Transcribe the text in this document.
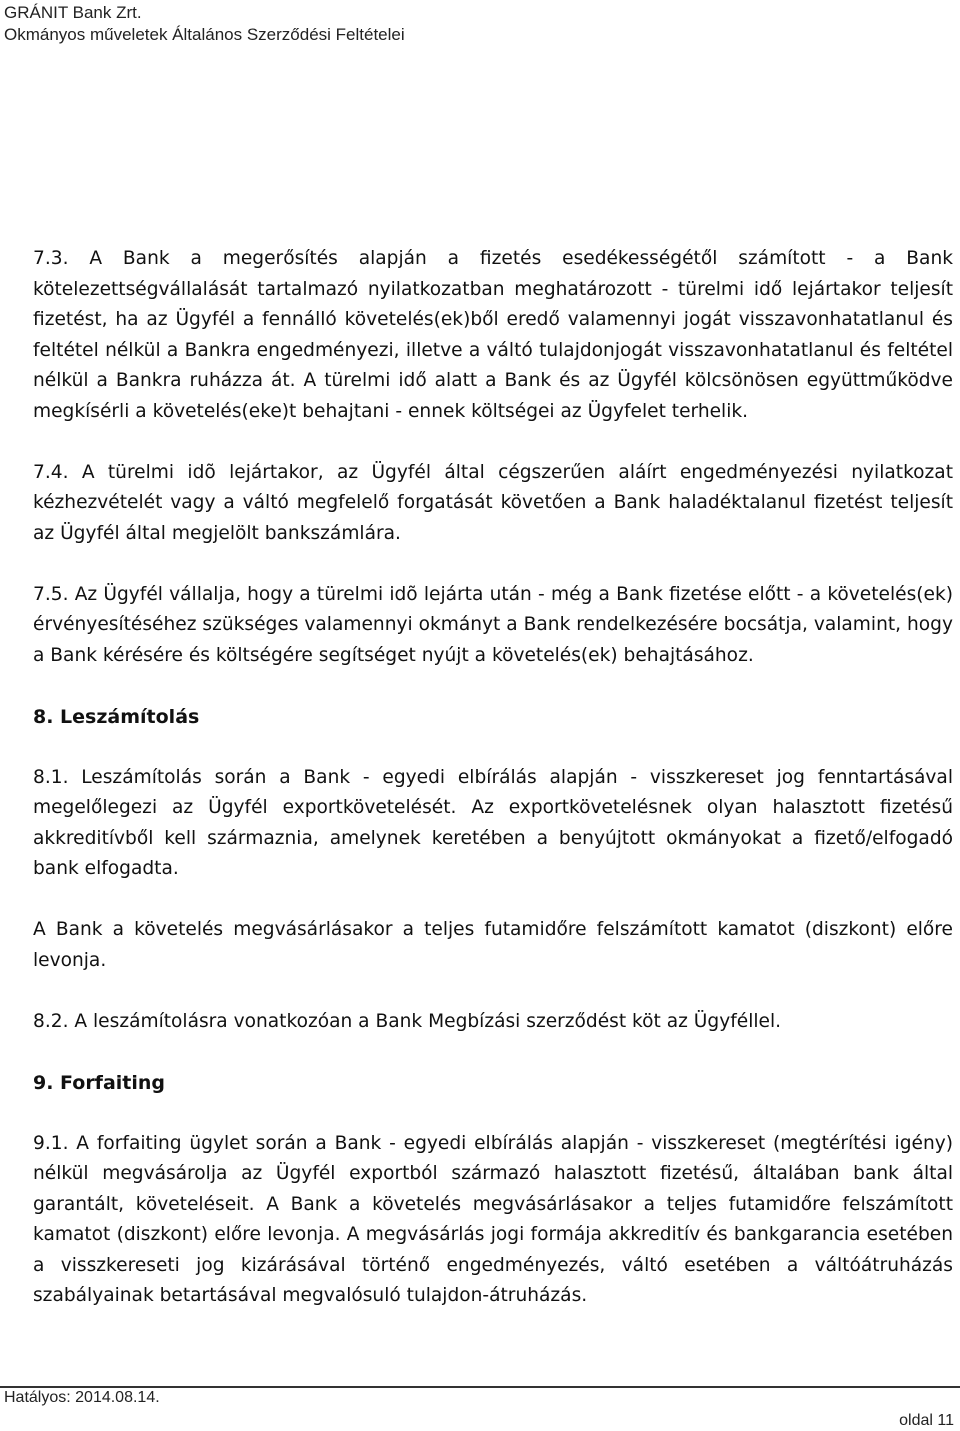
GRÁNIT Bank Zrt.
Okmányos műveletek Általános Szerződési Feltételei

7.3. A Bank a megerősítés alapján a fizetés esedékességétől számított - a Bank kötelezettségvállalását tartalmazó nyilatkozatban meghatározott - türelmi idő lejártakor teljesít fizetést, ha az Ügyfél a fennálló követelés(ek)ből eredő valamennyi jogát visszavonhatatlanul és feltétel nélkül a Bankra engedményezi, illetve a váltó tulajdonjogát visszavonhatatlanul és feltétel nélkül a Bankra ruházza át. A türelmi idő alatt a Bank és az Ügyfél kölcsönösen együttműködve megkísérli a követelés(eke)t behajtani - ennek költségei az Ügyfelet terhelik.

7.4. A türelmi idõ lejártakor, az Ügyfél által cégszerűen aláírt engedményezési nyilatkozat kézhezvételét vagy a váltó megfelelő forgatását követően a Bank haladéktalanul fizetést teljesít az Ügyfél által megjelölt bankszámlára.

7.5. Az Ügyfél vállalja, hogy a türelmi idõ lejárta után - még a Bank fizetése előtt - a követelés(ek) érvényesítéséhez szükséges valamennyi okmányt a Bank rendelkezésére bocsátja, valamint, hogy a Bank kérésére és költségére segítséget nyújt a követelés(ek) behajtásához.

8. Leszámítolás

8.1. Leszámítolás során a Bank - egyedi elbírálás alapján - visszkereset jog fenntartásával megelőlegezi az Ügyfél exportkövetelését. Az exportkövetelésnek olyan halasztott fizetésű akkreditívből kell származnia, amelynek keretében a benyújtott okmányokat a fizető/elfogadó bank elfogadta.

A Bank a követelés megvásárlásakor a teljes futamidőre felszámított kamatot (diszkont) előre levonja.

8.2. A leszámítolásra vonatkozóan a Bank Megbízási szerződést köt az Ügyféllel.

9. Forfaiting

9.1. A forfaiting ügylet során a Bank - egyedi elbírálás alapján - visszkereset (megtérítési igény) nélkül megvásárolja az Ügyfél exportból származó halasztott fizetésű, általában bank által garantált, követeléseit. A Bank a követelés megvásárlásakor a teljes futamidőre felszámított kamatot (diszkont) előre levonja. A megvásárlás jogi formája akkreditív és bankgarancia esetében a visszkereseti jog kizárásával történő engedményezés, váltó esetében a váltóátruházás szabályainak betartásával megvalósuló tulajdon-átruházás.

Hatályos: 2014.08.14.
oldal 11
